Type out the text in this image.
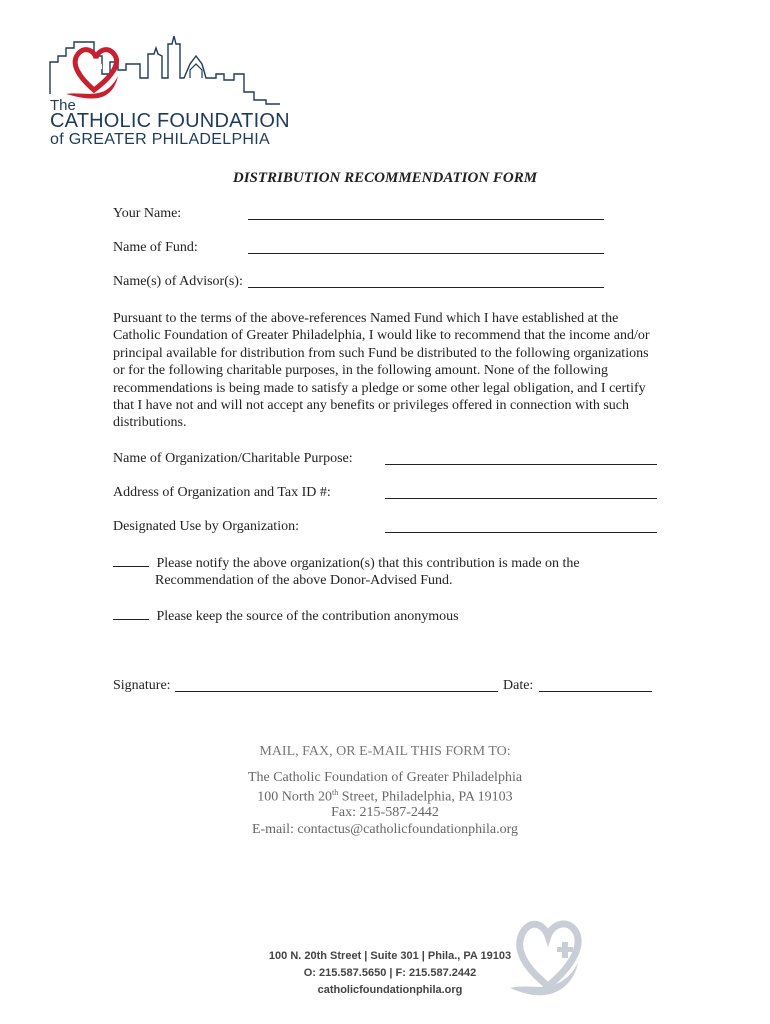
The
CATHOLIC FOUNDATION
of GREATER PHILADELPHIA
DISTRIBUTION RECOMMENDATION FORM
Your Name:
Name of Fund:
Name(s) of Advisor(s):
Pursuant to the terms of the above-references Named Fund which I have established at the Catholic Foundation of Greater Philadelphia, I would like to recommend that the income and/or principal available for distribution from such Fund be distributed to the following organizations or for the following charitable purposes, in the following amount. None of the following recommendations is being made to satisfy a pledge or some other legal obligation, and I certify that I have not and will not accept any benefits or privileges offered in connection with such distributions.
Name of Organization/Charitable Purpose:
Address of Organization and Tax ID #:
Designated Use by Organization:
Please notify the above organization(s) that this contribution is made on the
Recommendation of the above Donor-Advised Fund.
Please keep the source of the contribution anonymous
Signature:	Date:
MAIL, FAX, OR E-MAIL THIS FORM TO:
The Catholic Foundation of Greater Philadelphia
100 North 20th Street, Philadelphia, PA 19103
Fax: 215-587-2442
E-mail: contactus@catholicfoundationphila.org
100 N. 20th Street | Suite 301 | Phila., PA 19103
O: 215.587.5650 | F: 215.587.2442
catholicfoundationphila.org
